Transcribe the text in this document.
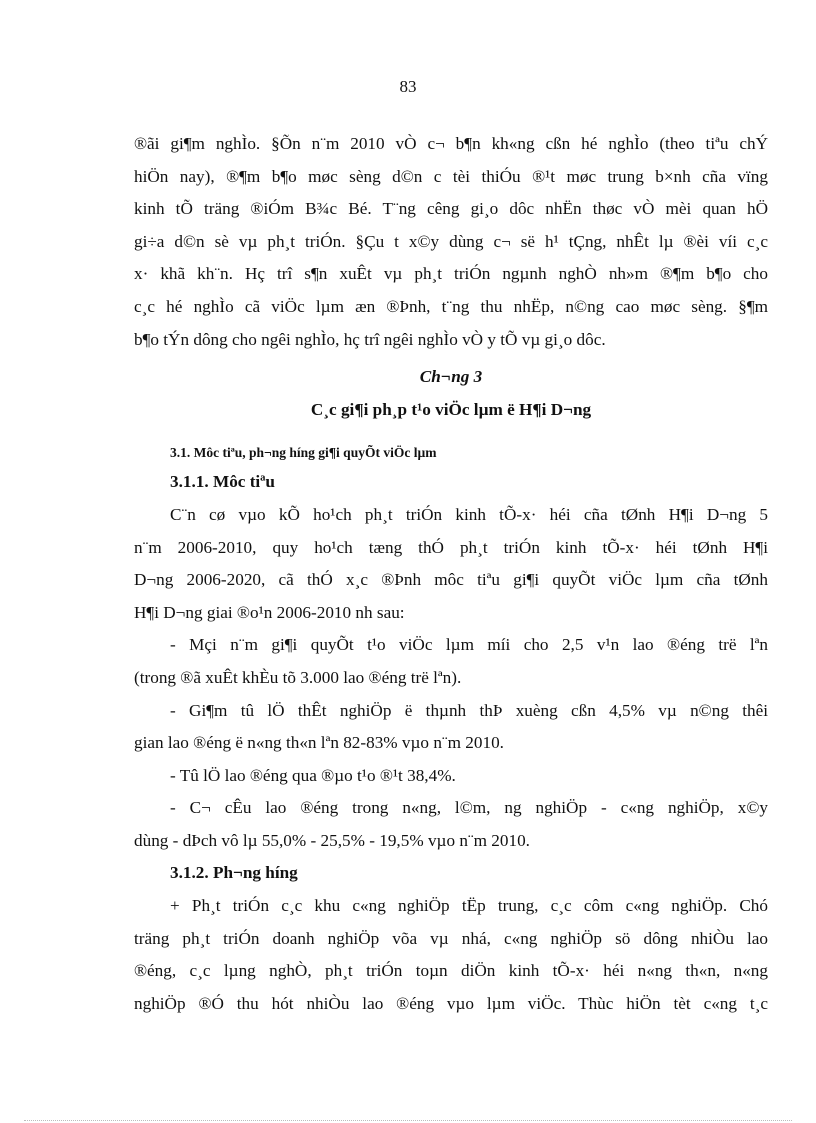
83

®ãi gi¶m nghÌo. §Õn n¨m 2010 vÒ c¬ b¶n kh«ng cßn hé nghÌo (theo tiªu chÝ

hiÖn nay), ®¶m b¶o møc sèng d©n c tèi thiÓu ®¹t møc trung b×nh cña vïng

kinh tÕ träng ®iÓm B¾c Bé. T¨ng cêng gi¸o dôc nhËn thøc vÒ mèi quan hÖ

gi÷a d©n sè vµ ph¸t triÓn. §Çu t x©y dùng c¬ së h¹ tÇng, nhÊt lµ ®èi víi c¸c

x· khã kh¨n. Hç trî s¶n xuÊt vµ ph¸t triÓn ngµnh nghÒ nh»m ®¶m b¶o cho

c¸c hé nghÌo cã viÖc lµm æn ®Þnh, t¨ng thu nhËp, n©ng cao møc sèng. §¶m

b¶o tÝn dông cho ngêi nghÌo, hç trî ngêi nghÌo vÒ y tÕ vµ gi¸o dôc.

Ch¬ng 3

C¸c gi¶i ph¸p t¹o viÖc lµm ë H¶i D¬ng

3.1. Môc tiªu, ph¬ng híng gi¶i quyÕt viÖc lµm

3.1.1. Môc tiªu

C¨n cø vµo kÕ ho¹ch ph¸t triÓn kinh tÕ-x· héi cña tØnh H¶i D¬ng 5

n¨m 2006-2010, quy ho¹ch tæng thÓ ph¸t triÓn kinh tÕ-x· héi tØnh H¶i

D¬ng 2006-2020, cã thÓ x¸c ®Þnh môc tiªu gi¶i quyÕt viÖc lµm cña tØnh

H¶i D¬ng giai ®o¹n 2006-2010 nh sau:

- Mçi n¨m gi¶i quyÕt t¹o viÖc lµm míi cho 2,5 v¹n lao ®éng trë lªn

(trong ®ã xuÊt khÈu tõ 3.000 lao ®éng trë lªn).

- Gi¶m tû lÖ thÊt nghiÖp ë thµnh thÞ xuèng cßn 4,5% vµ n©ng thêi

gian lao ®éng ë n«ng th«n lªn 82-83% vµo n¨m 2010.

- Tû lÖ lao ®éng qua ®µo t¹o ®¹t 38,4%.

- C¬ cÊu lao ®éng trong n«ng, l©m, ng nghiÖp - c«ng nghiÖp, x©y

dùng - dÞch vô lµ 55,0% - 25,5% - 19,5% vµo n¨m 2010.

3.1.2. Ph¬ng híng

+ Ph¸t triÓn c¸c khu c«ng nghiÖp tËp trung, c¸c côm c«ng nghiÖp. Chó

träng ph¸t triÓn doanh nghiÖp võa vµ nhá, c«ng nghiÖp sö dông nhiÒu lao

®éng, c¸c lµng nghÒ, ph¸t triÓn toµn diÖn kinh tÕ-x· héi n«ng th«n, n«ng

nghiÖp ®Ó thu hót nhiÒu lao ®éng vµo lµm viÖc. Thùc hiÖn tèt c«ng t¸c
